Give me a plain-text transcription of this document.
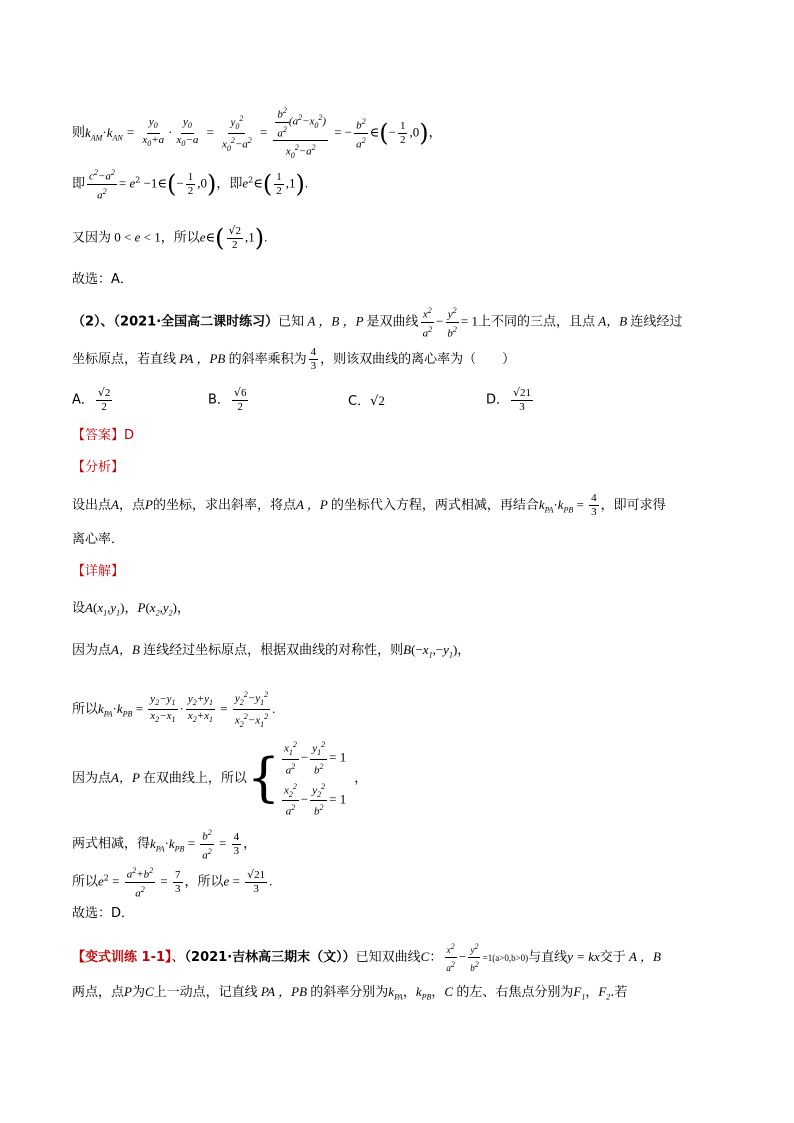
则$k_{AM}\cdot k_{AN} = \frac{y_0}{x_0+a} \cdot \frac{y_0}{x_0-a} = \frac{y_0^2}{x_0^2-a^2} = \frac{\frac{b^2}{a^2} (a^2-x_0^2)}{x_0^2-a^2}$ = − $\frac{b^2}{a^2}$ ∈(− $\frac{1}{2} ,0$)，
即 $\frac{c^2-a^2}{a^2} = e^2$ −1∈(− $\frac{1}{2} ,0$)，即$e^2\in( \frac{1}{2} ,1)$.
又因为 0 < e < 1，所以e∈( $\frac{√2}{2} ,1$).
故选：A．
（2）、（2021·全国高二课时练习）已知 A ，B ，P 是双曲线 $\frac{x^2}{a^2} - \frac{y^2}{b^2} = 1$上不同的三点，且点 A，B 连线经过
坐标原点，若直线 PA ，PB 的斜率乘积为 $\frac{4}{3}$ ，则该双曲线的离心率为（　　）
A． $\frac{√2}{2}$	B． $\frac{√6}{2}$	C．√2	D． $\frac{√21}{3}$
【答案】D
【分析】
设出点A，点P的坐标，求出斜率，将点A ，P 的坐标代入方程，两式相减，再结合$k_{PA}\cdot k_{PB} = \frac{4}{3}$ ，即可求得
离心率．
【详解】
设$A(x_1,y_1)$，$P(x_2,y_2)$，
因为点A，B 连线经过坐标原点，根据双曲线的对称性，则$B(-x_1,-y_1)$，
所以$k_{PA}\cdot k_{PB} = \frac{y_2-y_1}{x_2-x_1} \cdot \frac{y_2+y_1}{x_2+x_1} = \frac{y_2^2-y_1^2}{x_2^2-x_1^2}$ .
因为点A，P 在双曲线上，所以{ $\frac{x_1^2}{a^2} - \frac{y_1^2}{b^2} = 1$
$\frac{x_2^2}{a^2} - \frac{y_2^2}{b^2} = 1$
，
两式相减，得$k_{PA}\cdot k_{PB} = \frac{b^2}{a^2} = \frac{4}{3}$ ，
所以$e^2 = \frac{a^2+b^2}{a^2} = \frac{7}{3}$ ，所以$e = \frac{√21}{3}$ .
故选：D．
【变式训练 1-1】、（2021·吉林高三期末（文））已知双曲线C： $\frac{x2}{a2} - \frac{y2}{b2} =1(a>0,b>0)$与直线y = kx交于 A ，B
两点，点P为C上一动点，记直线 PA ，PB 的斜率分别为$k_{PA}$，$k_{PB}$，C 的左、右焦点分别为$F_1$，$F_2$.若
